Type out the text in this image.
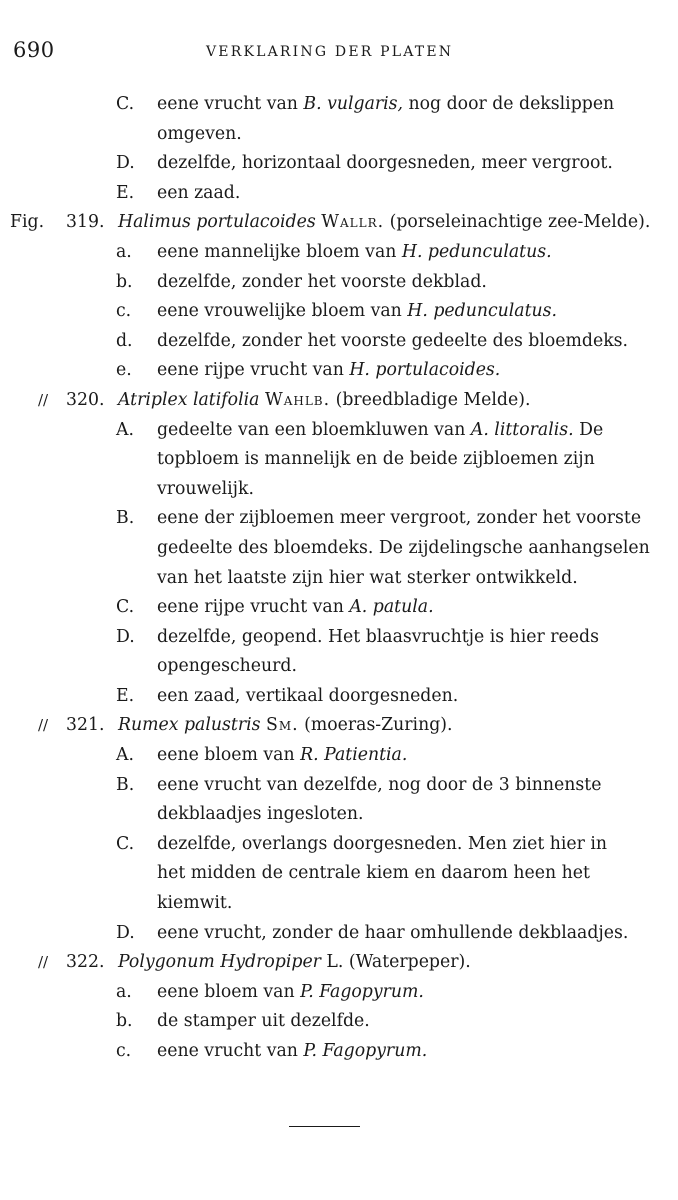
690	VERKLARING DER PLATEN
C. eene vrucht van B. vulgaris, nog door de dekslippen
omgeven.
D. dezelfde, horizontaal doorgesneden, meer vergroot.
E. een zaad.
Fig. 319. Halimus portulacoides Wallr. (porseleinachtige zee-Melde).
a. eene mannelijke bloem van H. pedunculatus.
b. dezelfde, zonder het voorste dekblad.
c. eene vrouwelijke bloem van H. pedunculatus.
d. dezelfde, zonder het voorste gedeelte des bloemdeks.
e. eene rijpe vrucht van H. portulacoides.
// 320. Atriplex latifolia Wahlb. (breedbladige Melde).
A. gedeelte van een bloemkluwen van A. littoralis. De
topbloem is mannelijk en de beide zijbloemen zijn
vrouwelijk.
B. eene der zijbloemen meer vergroot, zonder het voorste
gedeelte des bloemdeks. De zijdelingsche aanhangselen
van het laatste zijn hier wat sterker ontwikkeld.
C. eene rijpe vrucht van A. patula.
D. dezelfde, geopend. Het blaasvruchtje is hier reeds
opengescheurd.
E. een zaad, vertikaal doorgesneden.
// 321. Rumex palustris Sm. (moeras-Zuring).
A. eene bloem van R. Patientia.
B. eene vrucht van dezelfde, nog door de 3 binnenste
dekblaadjes ingesloten.
C. dezelfde, overlangs doorgesneden. Men ziet hier in
het midden de centrale kiem en daarom heen het
kiemwit.
D. eene vrucht, zonder de haar omhullende dekblaadjes.
// 322. Polygonum Hydropiper L. (Waterpeper).
a. eene bloem van P. Fagopyrum.
b. de stamper uit dezelfde.
c. eene vrucht van P. Fagopyrum.
